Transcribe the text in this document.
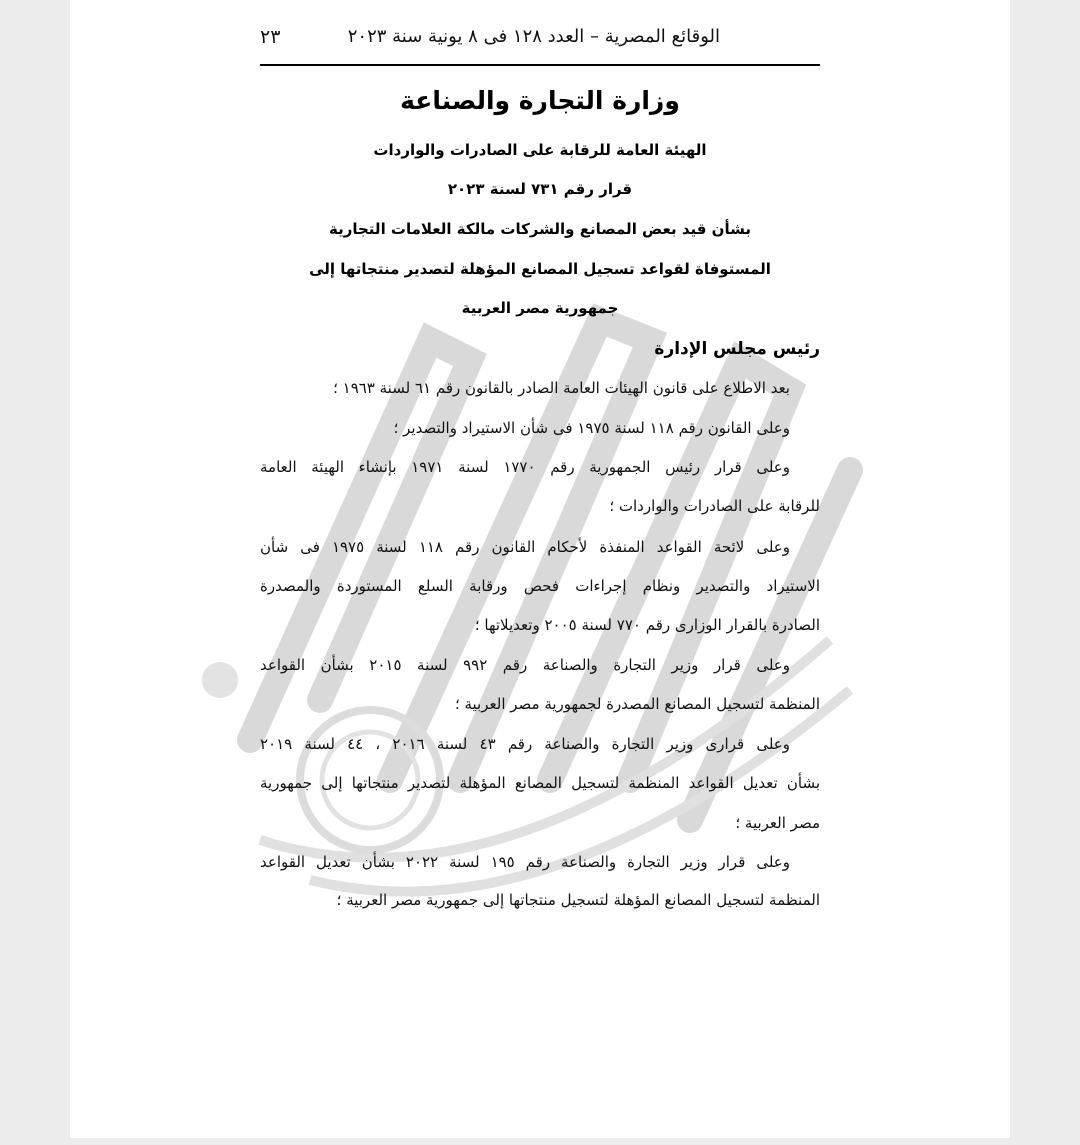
٢٣	الوقائع المصرية – العدد ١٢٨ فى ٨ يونية سنة ٢٠٢٣
وزارة التجارة والصناعة
الهيئة العامة للرقابة على الصادرات والواردات
قرار رقم ٧٣١ لسنة ٢٠٢٣
بشأن قيد بعض المصانع والشركات مالكة العلامات التجارية
المستوفاة لقواعد تسجيل المصانع المؤهلة لتصدير منتجاتها إلى
جمهورية مصر العربية
رئيس مجلس الإدارة
بعد الاطلاع على قانون الهيئات العامة الصادر بالقانون رقم ٦١ لسنة ١٩٦٣ ؛
وعلى القانون رقم ١١٨ لسنة ١٩٧٥ فى شأن الاستيراد والتصدير ؛
وعلى قرار رئيس الجمهورية رقم ١٧٧٠ لسنة ١٩٧١ بإنشاء الهيئة العامة
للرقابة على الصادرات والواردات ؛
وعلى لائحة القواعد المنفذة لأحكام القانون رقم ١١٨ لسنة ١٩٧٥ فى شأن
الاستيراد والتصدير ونظام إجراءات فحص ورقابة السلع المستوردة والمصدرة
الصادرة بالقرار الوزارى رقم ٧٧٠ لسنة ٢٠٠٥ وتعديلاتها ؛
وعلى قرار وزير التجارة والصناعة رقم ٩٩٢ لسنة ٢٠١٥ بشأن القواعد
المنظمة لتسجيل المصانع المصدرة لجمهورية مصر العربية ؛
وعلى قرارى وزير التجارة والصناعة رقم ٤٣ لسنة ٢٠١٦ ، ٤٤ لسنة ٢٠١٩
بشأن تعديل القواعد المنظمة لتسجيل المصانع المؤهلة لتصدير منتجاتها إلى جمهورية
مصر العربية ؛
وعلى قرار وزير التجارة والصناعة رقم ١٩٥ لسنة ٢٠٢٢ بشأن تعديل القواعد
المنظمة لتسجيل المصانع المؤهلة لتسجيل منتجاتها إلى جمهورية مصر العربية ؛
